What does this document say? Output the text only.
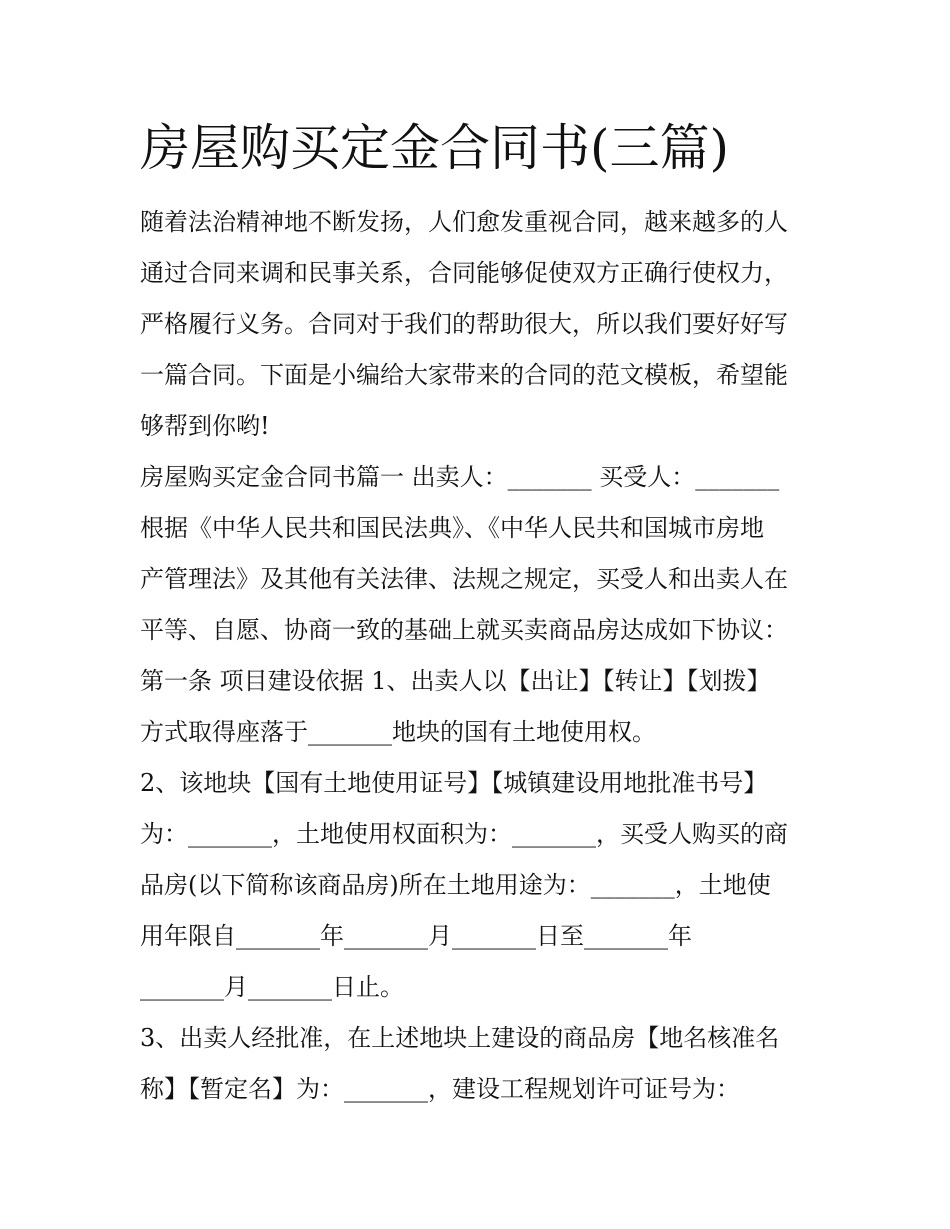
房屋购买定金合同书(三篇)
随着法治精神地不断发扬，人们愈发重视合同，越来越多的人
通过合同来调和民事关系，合同能够促使双方正确行使权力，
严格履行义务。合同对于我们的帮助很大，所以我们要好好写
一篇合同。下面是小编给大家带来的合同的范文模板，希望能
够帮到你哟!
房屋购买定金合同书篇一 出卖人：_______ 买受人：_______
根据《中华人民共和国民法典》、《中华人民共和国城市房地
产管理法》及其他有关法律、法规之规定，买受人和出卖人在
平等、自愿、协商一致的基础上就买卖商品房达成如下协议：
第一条 项目建设依据 1、出卖人以【出让】【转让】【划拨】
方式取得座落于_______地块的国有土地使用权。
2、该地块【国有土地使用证号】【城镇建设用地批准书号】
为：_______，土地使用权面积为：_______，买受人购买的商
品房(以下简称该商品房)所在土地用途为：_______，土地使
用年限自_______年_______月_______日至_______年
_______月_______日止。
3、出卖人经批准，在上述地块上建设的商品房【地名核准名
称】【暂定名】为：_______，建设工程规划许可证号为：
